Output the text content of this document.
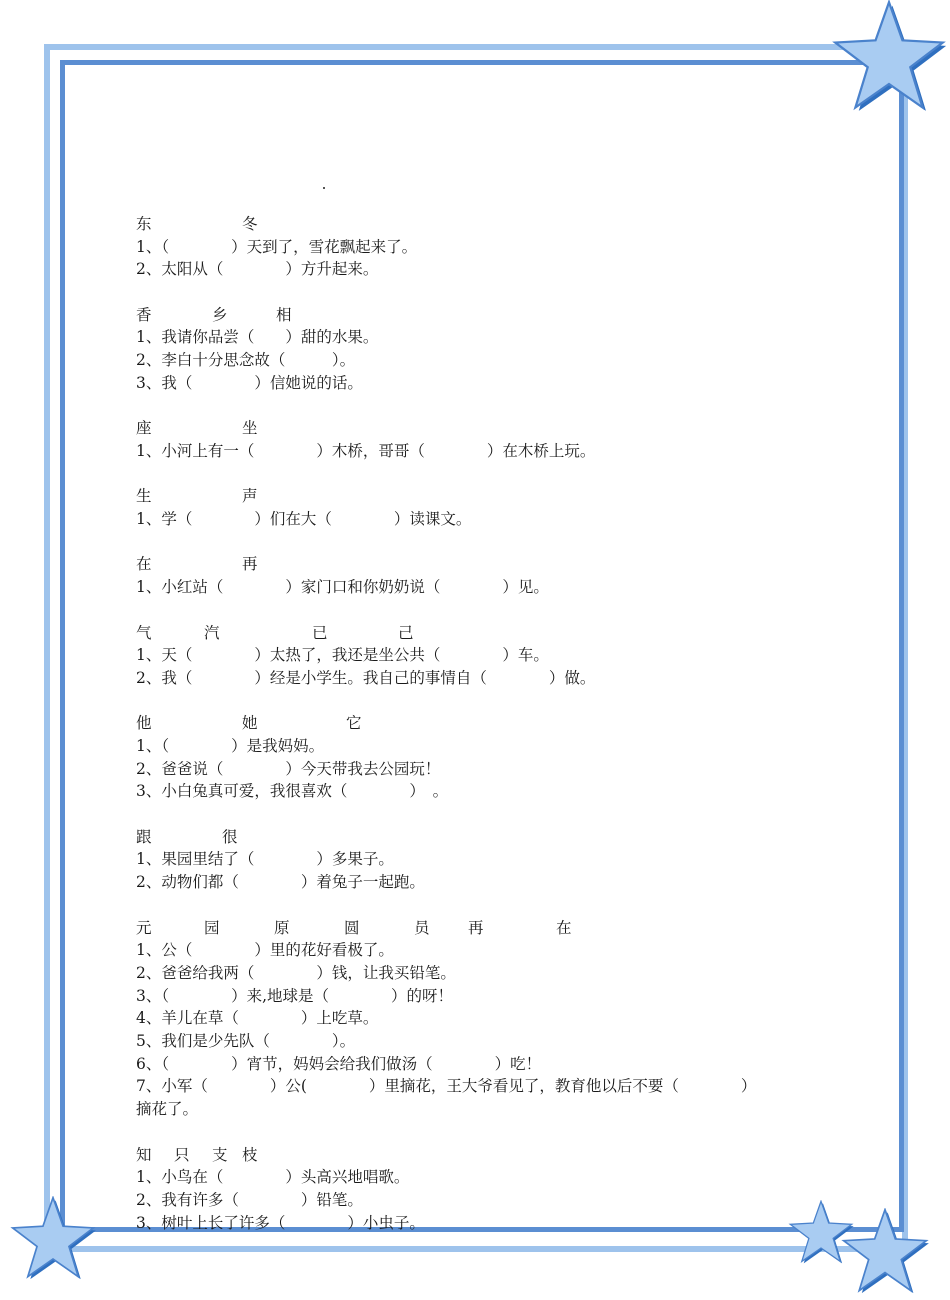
东	冬
1、（　　　　）天到了，雪花飘起来了。
2、太阳从（　　　　）方升起来。
香	乡	相
1、我请你品尝（　　）甜的水果。
2、李白十分思念故（　　　）。
3、我（　　　　）信她说的话。
座	坐
1、小河上有一（　　　　）木桥，哥哥（　　　　）在木桥上玩。
生	声
1、学（　　　　）们在大（　　　　）读课文。
在	再
1、小红站（　　　　）家门口和你奶奶说（　　　　）见。
气	汽	已	己
1、天（　　　　）太热了，我还是坐公共（　　　　）车。
2、我（　　　　）经是小学生。我自己的事情自（　　　　）做。
他	她	它
1、（　　　　）是我妈妈。
2、爸爸说（　　　　）今天带我去公园玩！
3、小白兔真可爱，我很喜欢（　　　　）　。
跟	很
1、果园里结了（　　　　）多果子。
2、动物们都（　　　　）着兔子一起跑。
元	园	原	圆	员 再	在
1、公（　　　　）里的花好看极了。
2、爸爸给我两（　　　　）钱，让我买铅笔。
3、（　　　　）来,地球是（　　　　）的呀！
4、羊儿在草（　　　　）上吃草。
5、我们是少先队（　　　　）。
6、（　　　　）宵节，妈妈会给我们做汤（　　　　）吃！
7、小军（　　　　）公(　　　　）里摘花，王大爷看见了，教育他以后不要（　　　　）
摘花了。
知 只 支 枝
1、小鸟在（　　　　）头高兴地唱歌。
2、我有许多（　　　　）铅笔。
3、树叶上长了许多（　　　　）小虫子。
